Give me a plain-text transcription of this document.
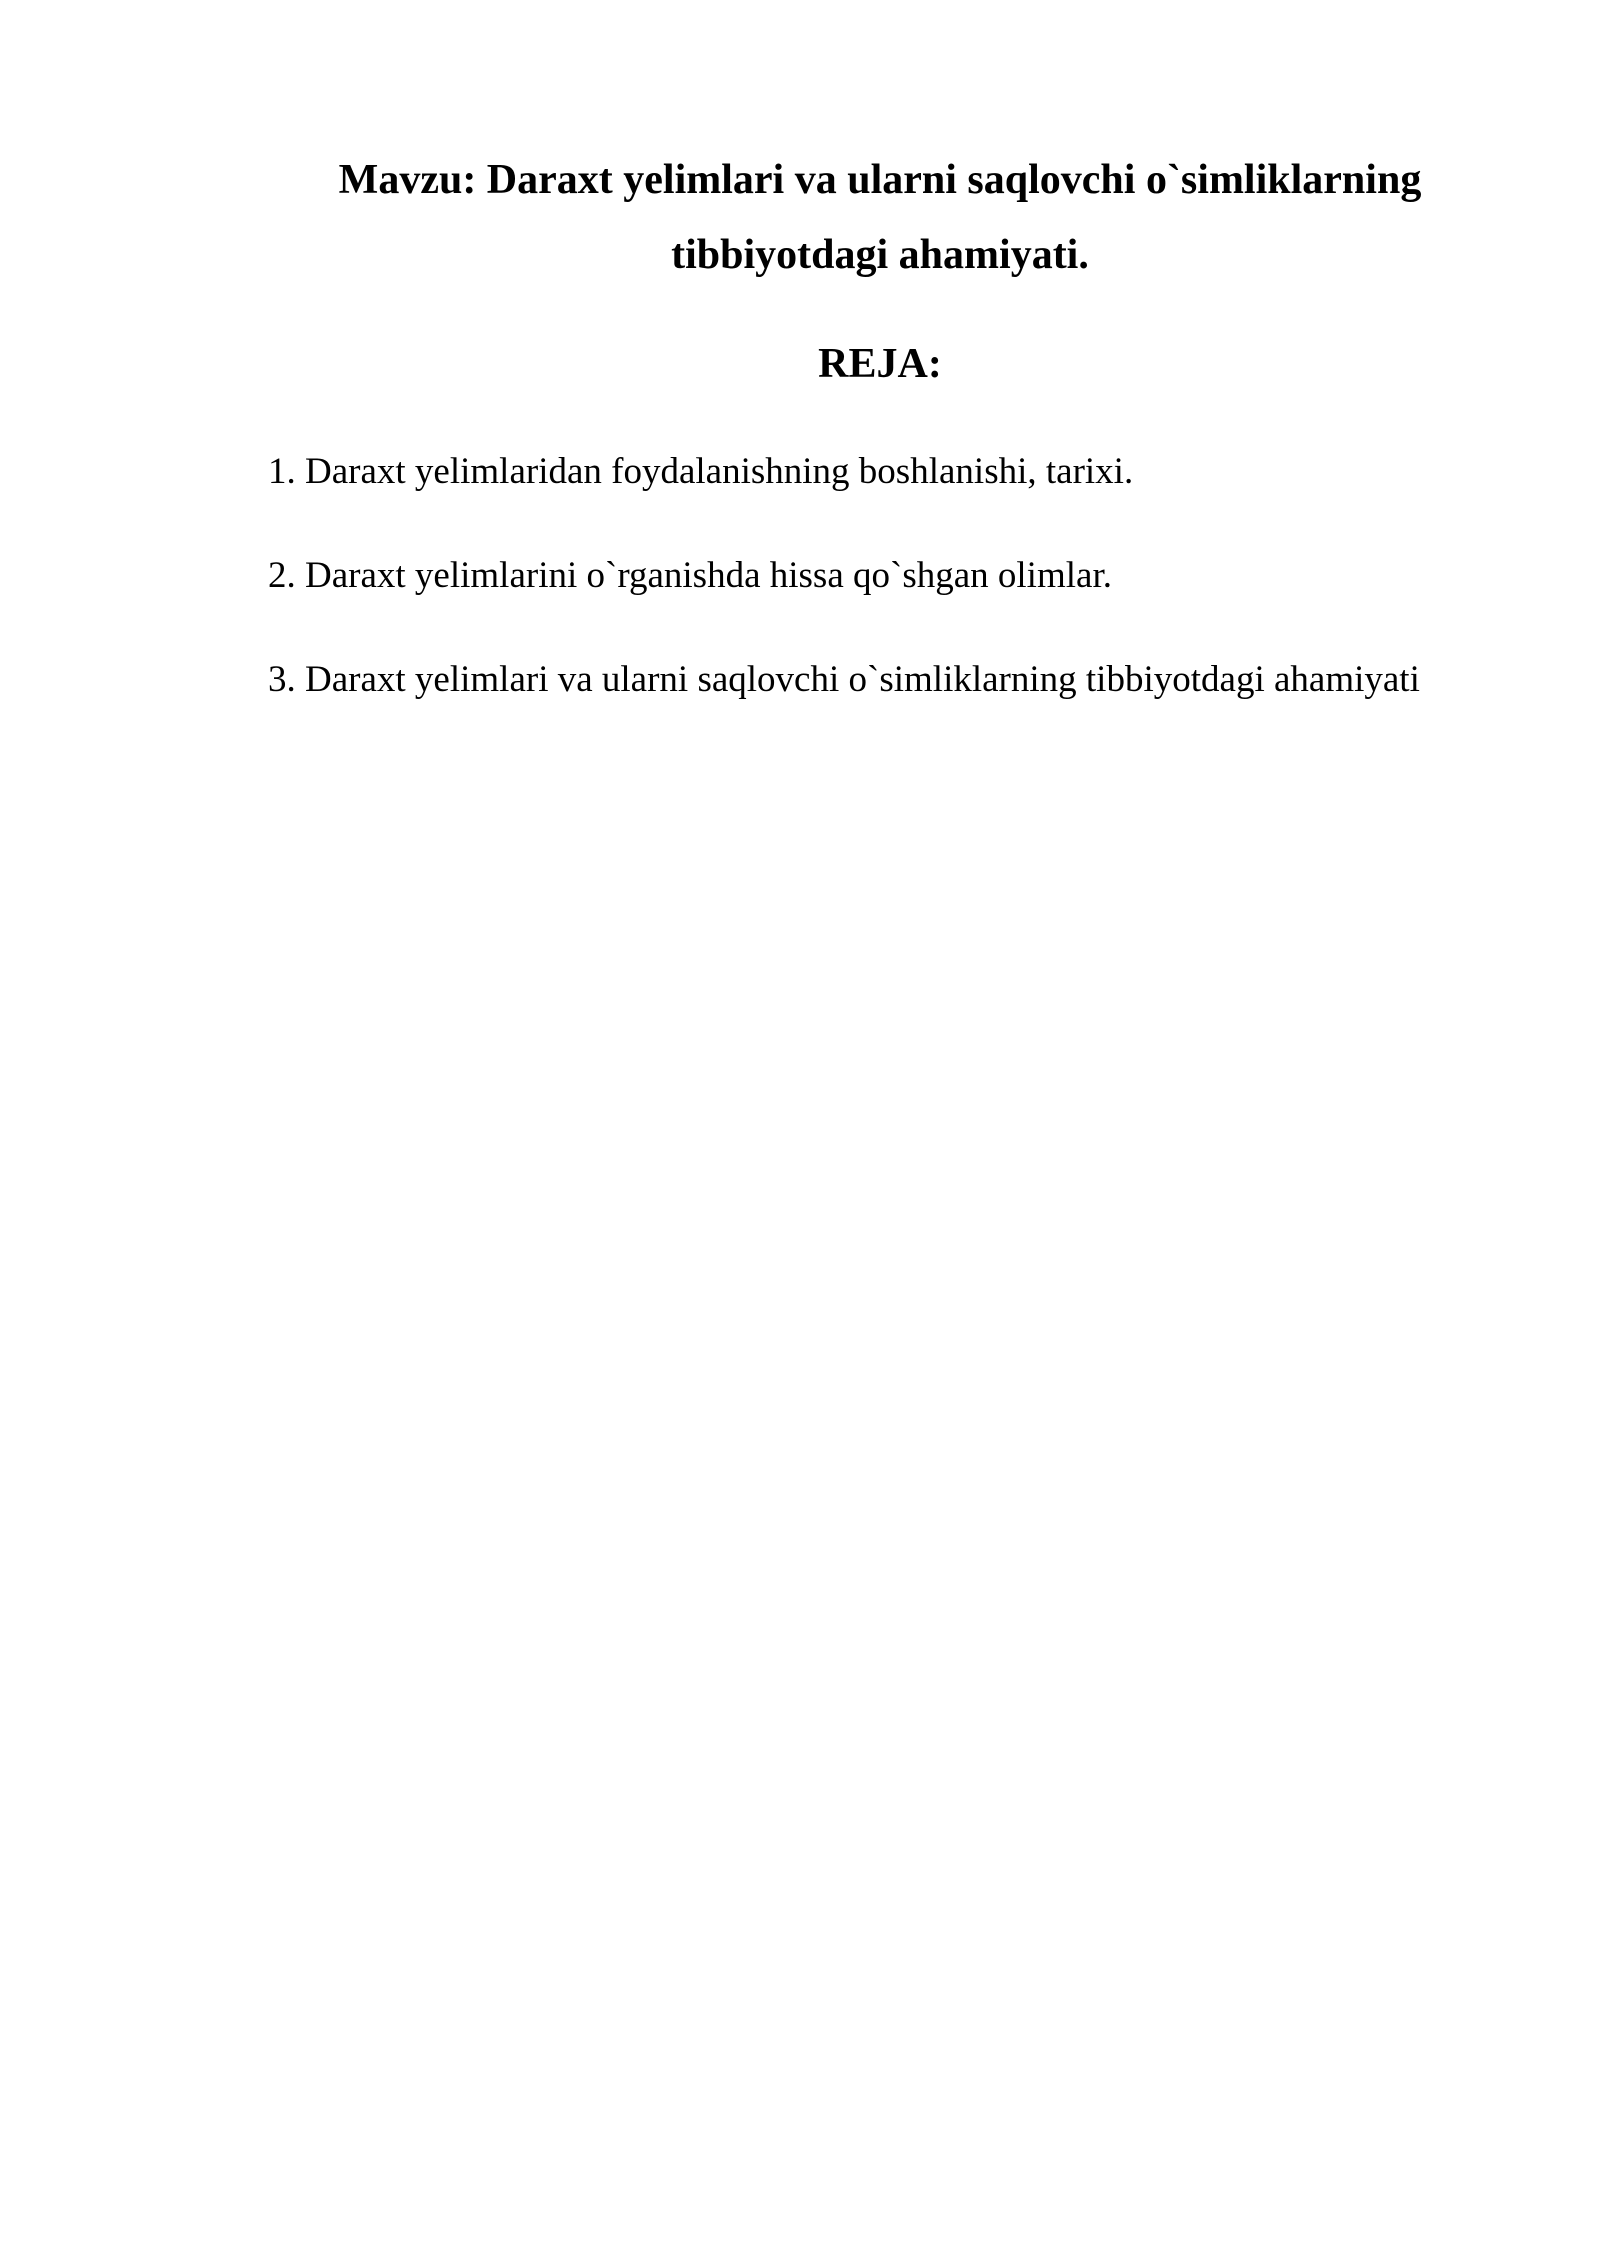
Mavzu: Daraxt yelimlari va ularni saqlovchi o`simliklarning tibbiyotdagi ahamiyati.
REJA:
1. Daraxt yelimlaridan foydalanishning boshlanishi, tarixi.
2. Daraxt yelimlarini o`rganishda hissa qo`shgan olimlar.
3. Daraxt yelimlari va ularni saqlovchi o`simliklarning tibbiyotdagi ahamiyati
